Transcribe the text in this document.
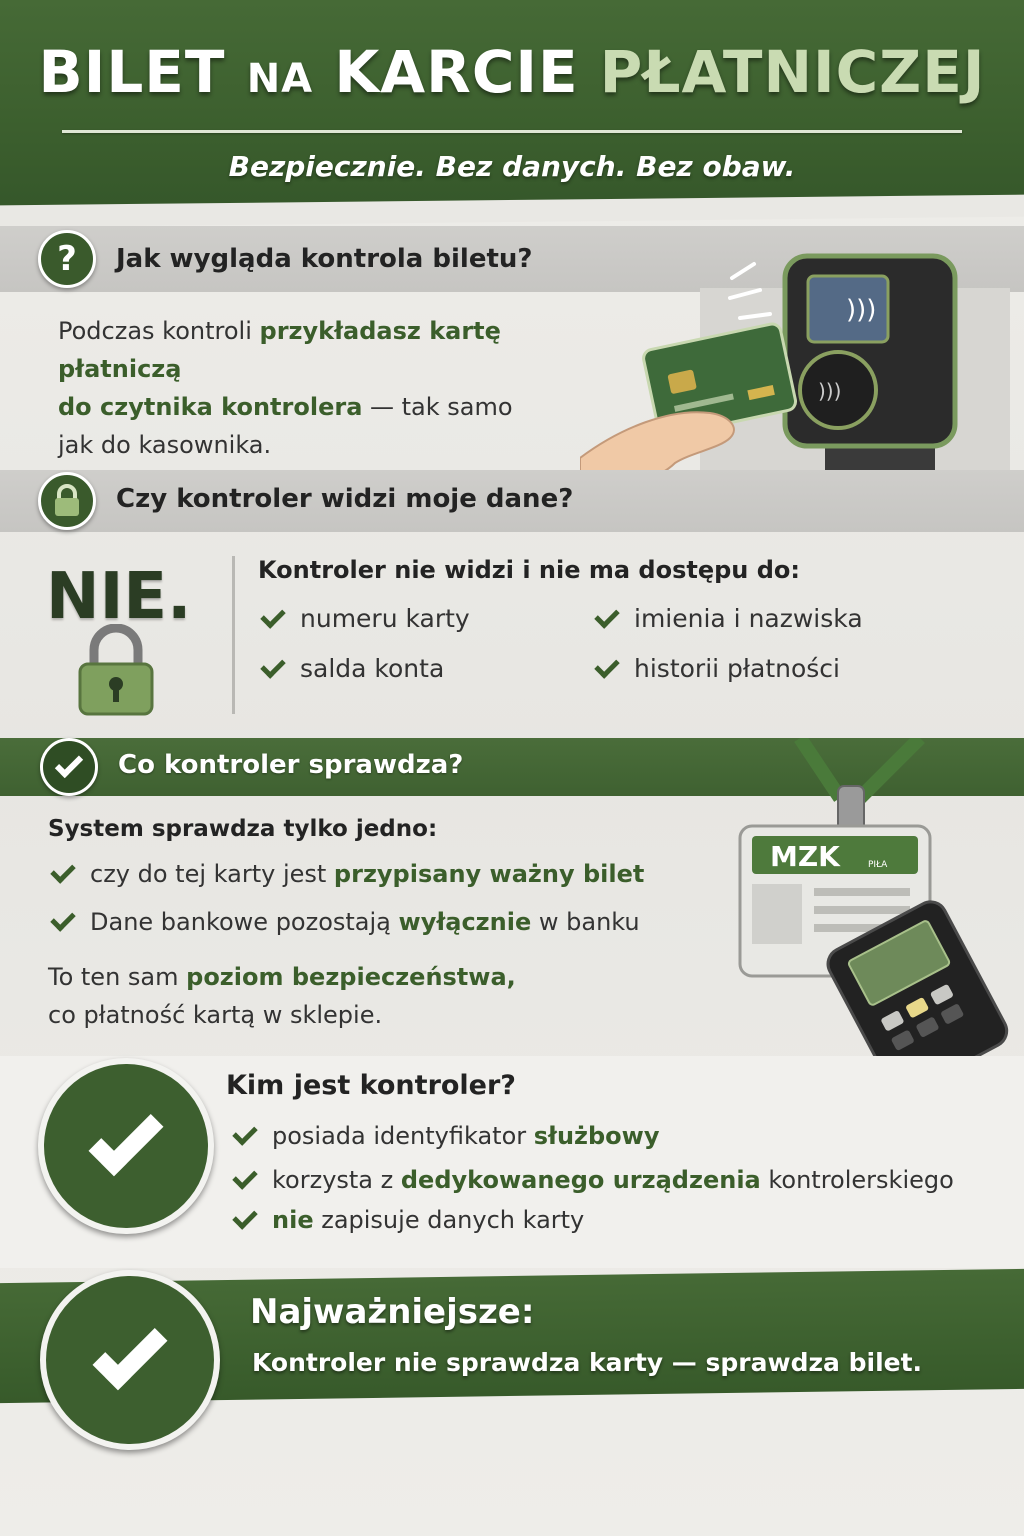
BILET NA KARCIE PŁATNICZEJ
Bezpiecznie. Bez danych. Bez obaw.
? Jak wygląda kontrola biletu?
Podczas kontroli przykładasz kartę płatniczą
do czytnika kontrolera — tak samo
jak do kasownika.
)))
)))
Czy kontroler widzi moje dane?
NIE.	Kontroler nie widzi i nie ma dostępu do:
numeru karty	imienia i nazwiska
salda konta	historii płatności
Co kontroler sprawdza?
System sprawdza tylko jedno:
czy do tej karty jest przypisany ważny bilet
Dane bankowe pozostają wyłącznie w banku
To ten sam poziom bezpieczeństwa,
co płatność kartą w sklepie.
MZK	PIŁA
Kim jest kontroler?
posiada identyfikator służbowy
korzysta z dedykowanego urządzenia kontrolerskiego
nie zapisuje danych karty
Najważniejsze:
Kontroler nie sprawdza karty — sprawdza bilet.
